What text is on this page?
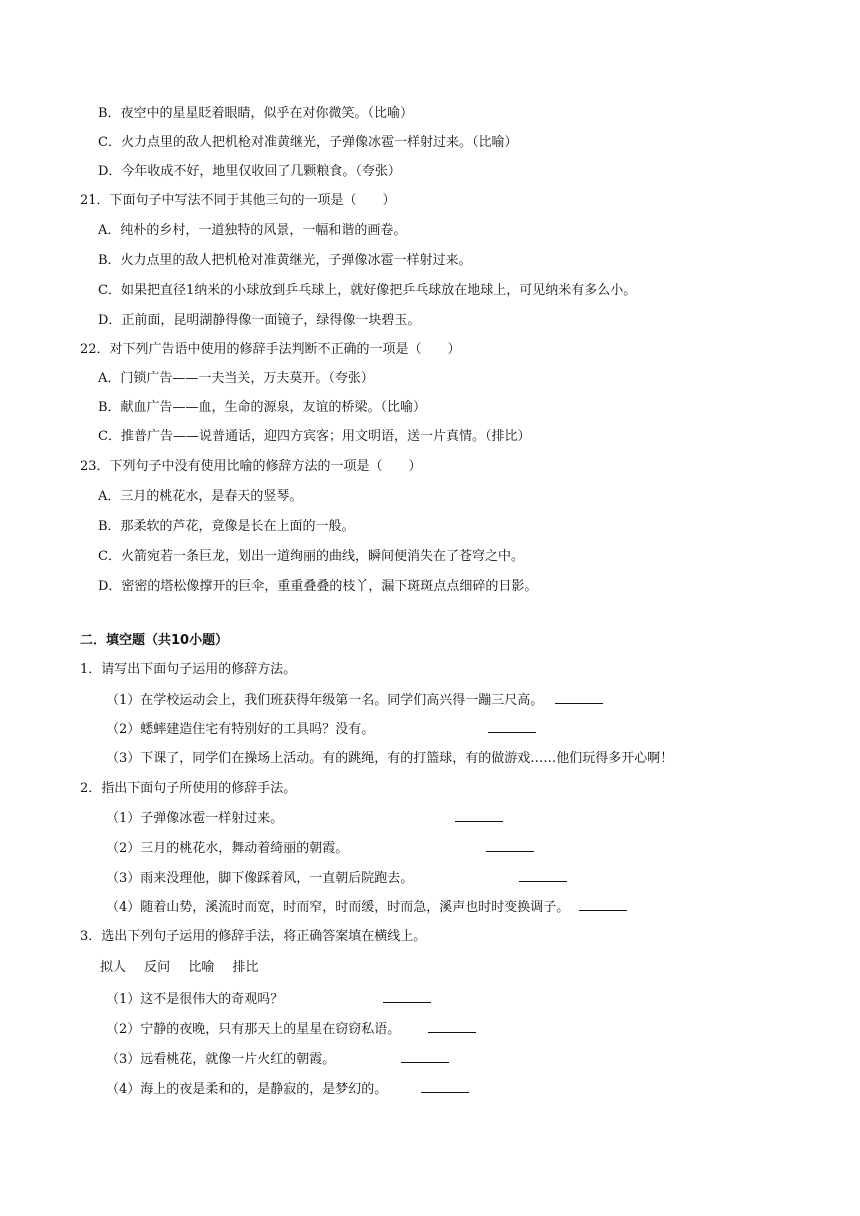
B．夜空中的星星眨着眼睛，似乎在对你微笑。（比喻）
C．火力点里的敌人把机枪对准黄继光，子弹像冰雹一样射过来。（比喻）
D．今年收成不好，地里仅收回了几颗粮食。（夸张）
21．下面句子中写法不同于其他三句的一项是（　　）
A．纯朴的乡村，一道独特的风景，一幅和谐的画卷。
B．火力点里的敌人把机枪对准黄继光，子弹像冰雹一样射过来。
C．如果把直径1纳米的小球放到乒乓球上，就好像把乒乓球放在地球上，可见纳米有多么小。
D．正前面，昆明湖静得像一面镜子，绿得像一块碧玉。
22．对下列广告语中使用的修辞手法判断不正确的一项是（　　）
A．门锁广告——一夫当关，万夫莫开。（夸张）
B．献血广告——血，生命的源泉，友谊的桥梁。（比喻）
C．推普广告——说普通话，迎四方宾客；用文明语，送一片真情。（排比）
23．下列句子中没有使用比喻的修辞方法的一项是（　　）
A．三月的桃花水，是春天的竖琴。
B．那柔软的芦花，竟像是长在上面的一般。
C．火箭宛若一条巨龙，划出一道绚丽的曲线，瞬间便消失在了苍穹之中。
D．密密的塔松像撑开的巨伞，重重叠叠的枝丫，漏下斑斑点点细碎的日影。
二．填空题（共10小题）
1．请写出下面句子运用的修辞方法。
（1）在学校运动会上，我们班获得年级第一名。同学们高兴得一蹦三尺高。
（2）蟋蟀建造住宅有特别好的工具吗？没有。
（3）下课了，同学们在操场上活动。有的跳绳，有的打篮球，有的做游戏……他们玩得多开心啊！
2．指出下面句子所使用的修辞手法。
（1）子弹像冰雹一样射过来。
（2）三月的桃花水，舞动着绮丽的朝霞。
（3）雨来没理他，脚下像踩着风，一直朝后院跑去。
（4）随着山势，溪流时而宽，时而窄，时而缓，时而急，溪声也时时变换调子。
3．选出下列句子运用的修辞手法，将正确答案填在横线上。
拟人 反问 比喻 排比
（1）这不是很伟大的奇观吗？
（2）宁静的夜晚，只有那天上的星星在窃窃私语。
（3）远看桃花，就像一片火红的朝霞。
（4）海上的夜是柔和的，是静寂的，是梦幻的。
